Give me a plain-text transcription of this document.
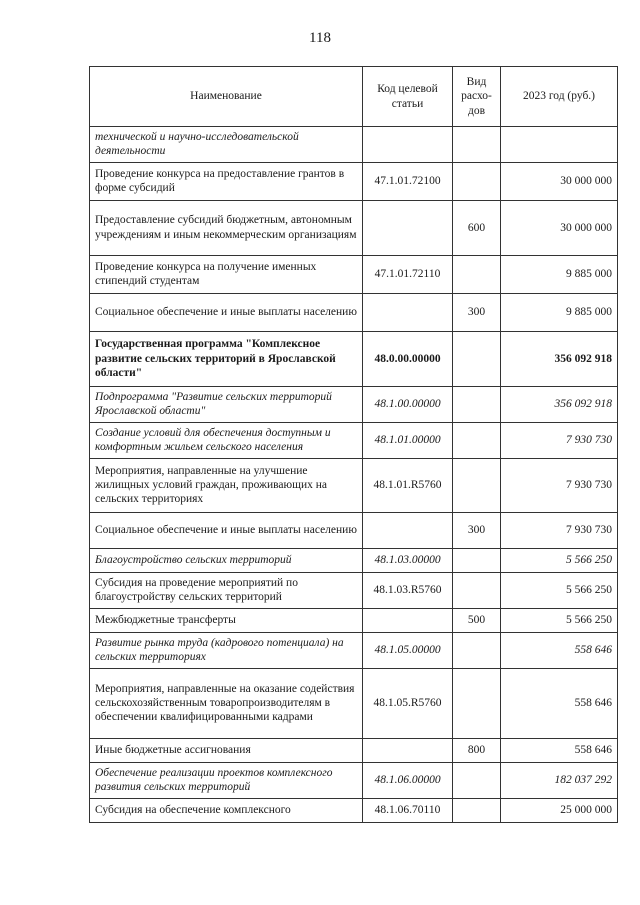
118
Наименование	Код целевой статьи	Вид расхо-дов	2023 год (руб.)
технической и научно-исследовательской деятельности			
Проведение конкурса на предоставление грантов в форме субсидий	47.1.01.72100		30 000 000
Предоставление субсидий бюджетным, автономным учреждениям и иным некоммерческим организациям		600	30 000 000
Проведение конкурса на получение именных стипендий студентам	47.1.01.72110		9 885 000
Социальное обеспечение и иные выплаты населению		300	9 885 000
Государственная программа "Комплексное развитие сельских территорий в Ярославской области"	48.0.00.00000		356 092 918
Подпрограмма "Развитие сельских территорий Ярославской области"	48.1.00.00000		356 092 918
Создание условий для обеспечения доступным и комфортным жильем сельского населения	48.1.01.00000		7 930 730
Мероприятия, направленные на улучшение жилищных условий граждан, проживающих на сельских территориях	48.1.01.R5760		7 930 730
Социальное обеспечение и иные выплаты населению		300	7 930 730
Благоустройство сельских территорий	48.1.03.00000		5 566 250
Субсидия на проведение мероприятий по благоустройству сельских территорий	48.1.03.R5760		5 566 250
Межбюджетные трансферты		500	5 566 250
Развитие рынка труда (кадрового потенциала) на сельских территориях	48.1.05.00000		558 646
Мероприятия, направленные на оказание содействия сельскохозяйственным товаропроизводителям в обеспечении квалифицированными кадрами	48.1.05.R5760		558 646
Иные бюджетные ассигнования		800	558 646
Обеспечение реализации проектов комплексного развития сельских территорий	48.1.06.00000		182 037 292
Субсидия на обеспечение комплексного	48.1.06.70110		25 000 000
